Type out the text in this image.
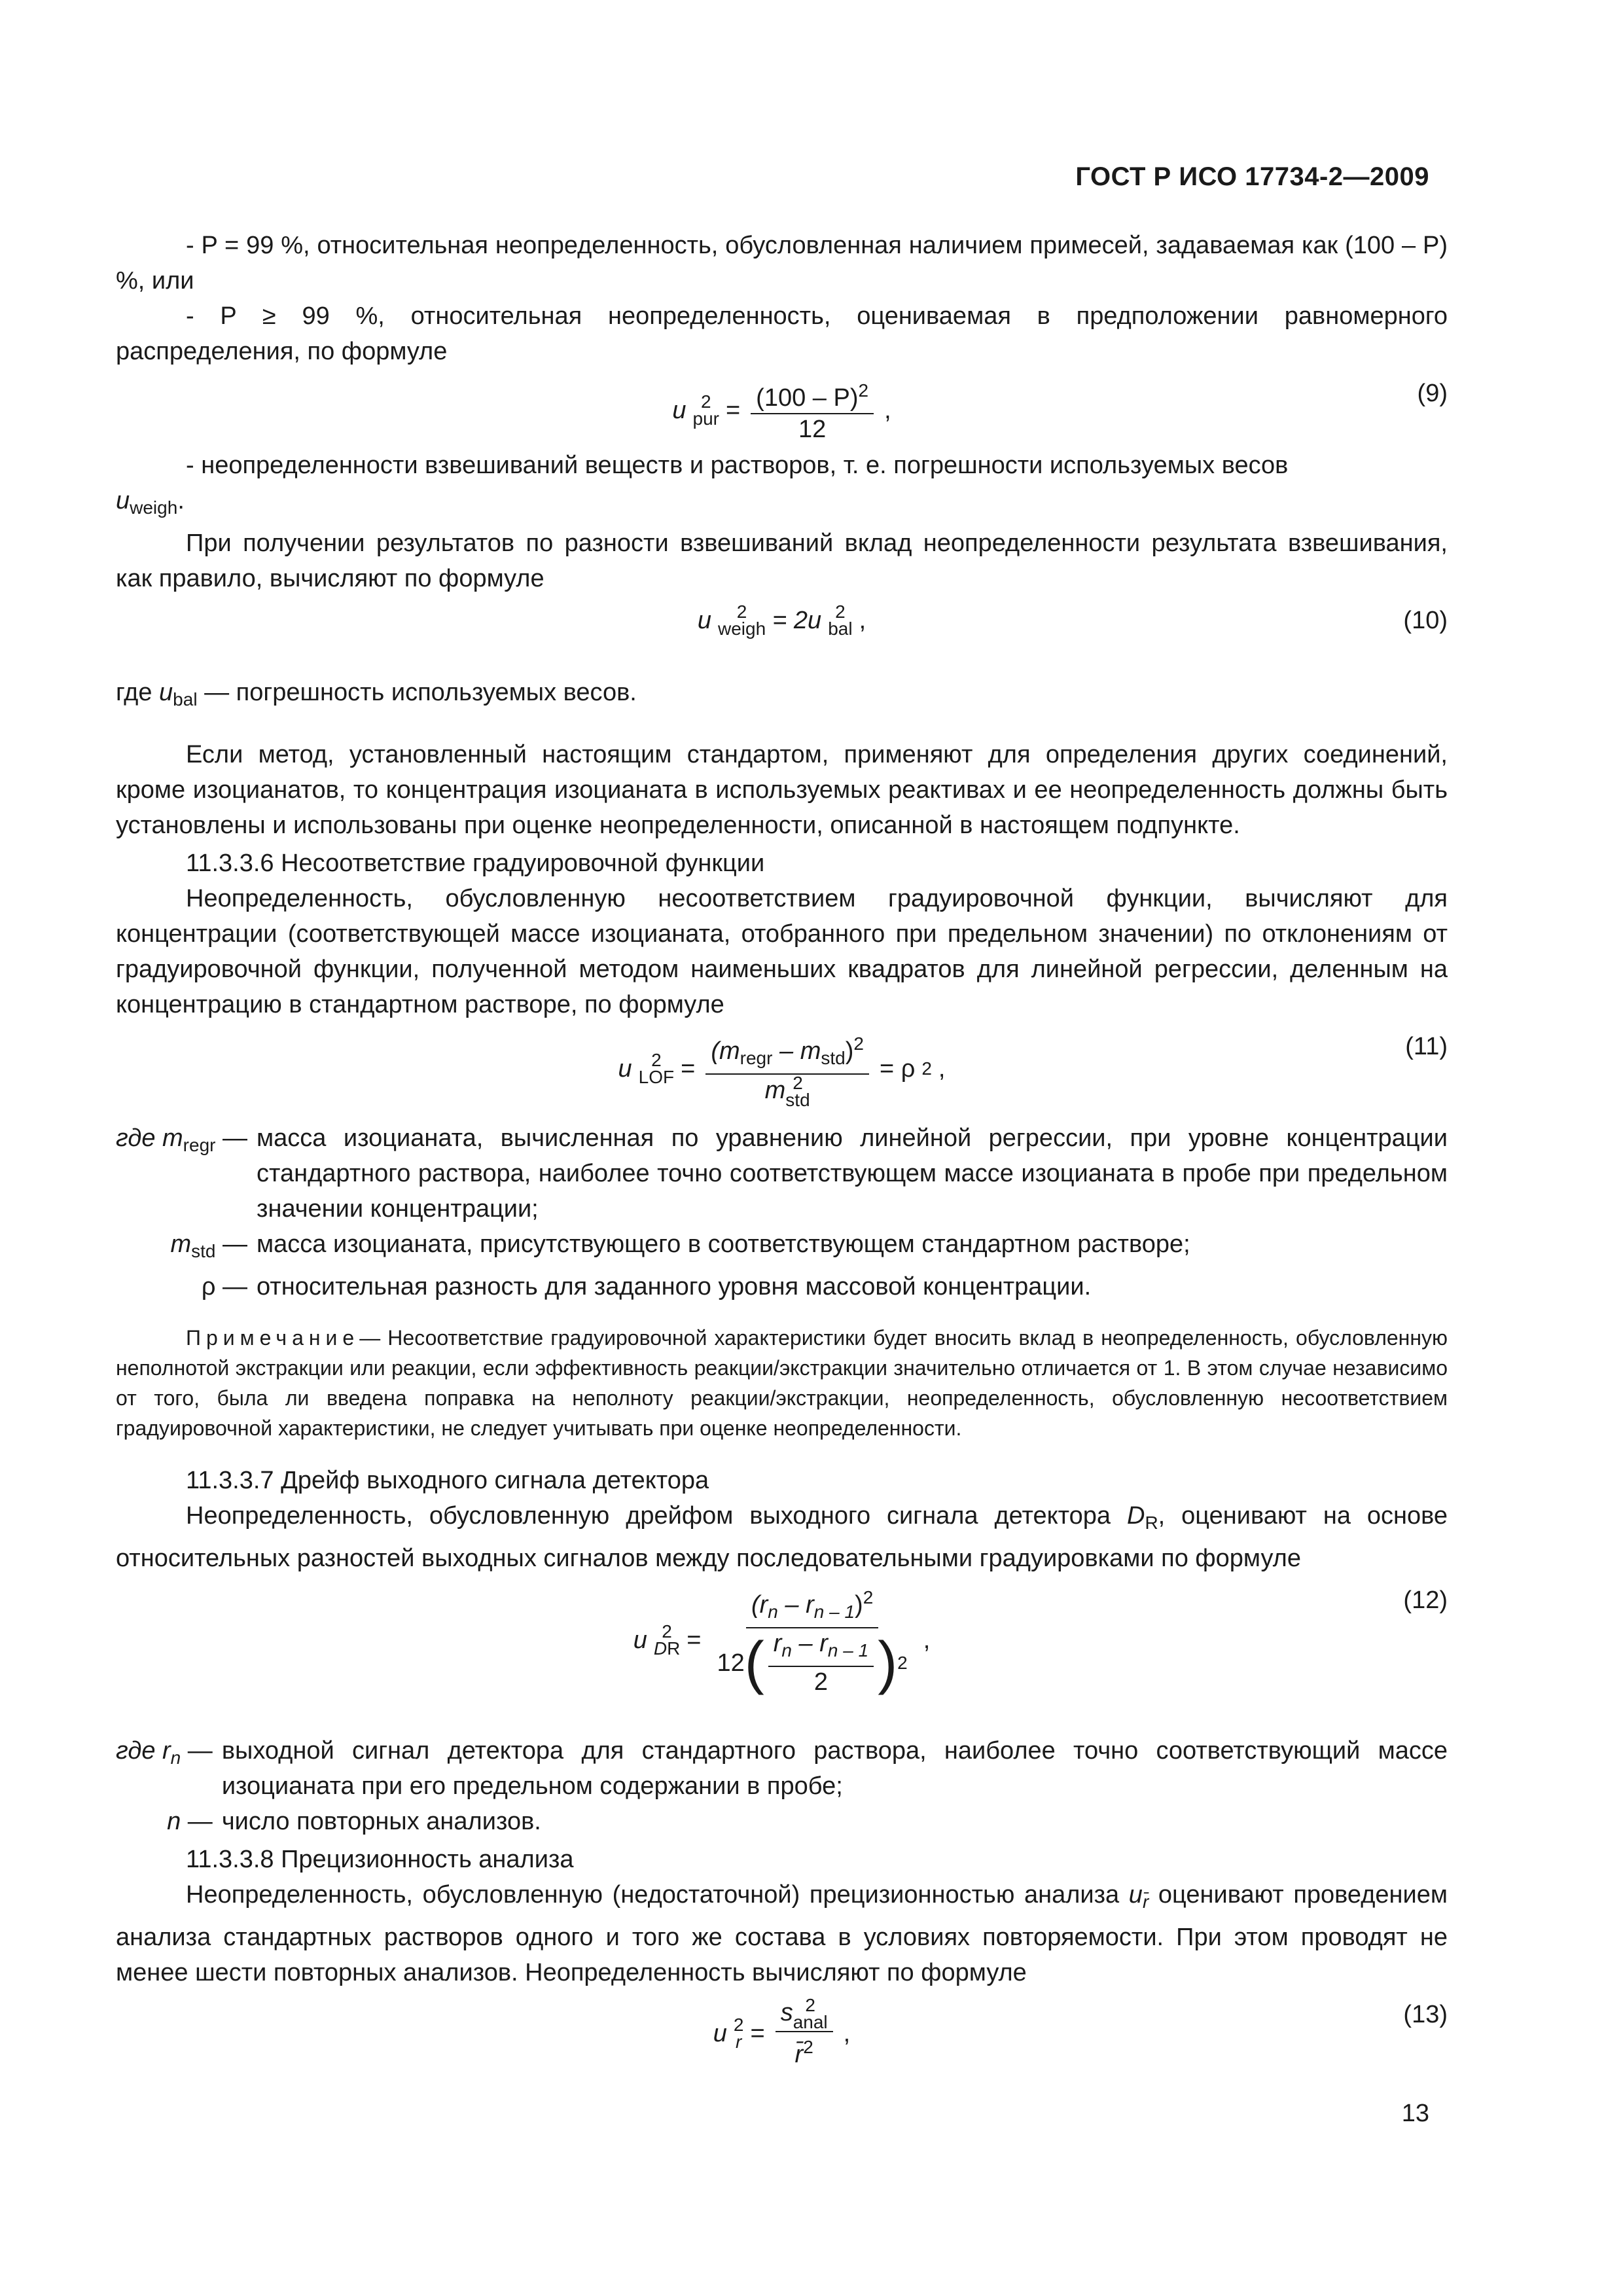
ГОСТ Р ИСО 17734-2—2009

- P = 99 %, относительная неопределенность, обусловленная наличием примесей, задаваемая как (100 – P) %, или

- P ≥ 99 %, относительная неопределенность, оцениваемая в предположении равномерного распределения, по формуле

u 2
pur = $\frac{(100 - P)^2}{12}$ ,
(9)

- неопределенности взвешиваний веществ и растворов, т. е. погрешности используемых весов

$u_{weigh}$.

При получении результатов по разности взвешиваний вклад неопределенности результата взвешивания, как правило, вычисляют по формуле

u	2
weigh = 2u 2
bal ,	(10)

где $u_{bal}$ — погрешность используемых весов.

Если метод, установленный настоящим стандартом, применяют для определения других соединений, кроме изоцианатов, то концентрация изоцианата в используемых реактивах и ее неопределенность должны быть установлены и использованы при оценке неопределенности, описанной в настоящем подпункте.

11.3.3.6 Несоответствие градуировочной функции

Неопределенность, обусловленную несоответствием градуировочной функции, вычисляют для концентрации (соответствующей массе изоцианата, отобранного при предельном значении) по отклонениям от градуировочной функции, полученной методом наименьших квадратов для линейной регрессии, деленным на концентрацию в стандартном растворе, по формуле

u	2
LOF = $(m_{regr} - m_{std})^2$
m 2
std = ρ 2 ,
(11)
где $m_{regr}$ — масса изоцианата, вычисленная по уравнению линейной регрессии, при уровне концентрации стандартного раствора, наиболее точно соответствующем массе изоцианата в пробе при предельном значении концентрации;
$m_{std}$ — масса изоцианата, присутствующего в соответствующем стандартном растворе;
ρ — относительная разность для заданного уровня массовой концентрации.
Примечание— Несоответствие градуировочной характеристики будет вносить вклад в неопределенность, обусловленную неполнотой экстракции или реакции, если эффективность реакции/экстракции значительно отличается от 1. В этом случае независимо от того, была ли введена поправка на неполноту реакции/экстракции, неопределенность, обусловленную несоответствием градуировочной характеристики, не следует учитывать при оценке неопределенности.

11.3.3.7 Дрейф выходного сигнала детектора

Неопределенность, обусловленную дрейфом выходного сигнала детектора $D_R$, оценивают на основе относительных разностей выходных сигналов между последовательными градуировками по формуле

u 2
DR =
$(r_n - r_{n - 1})^2$
12 ( $\frac{r_n - r_{n - 1}}{2}$ ) 2
,
(12)
где $r_n$ — выходной сигнал детектора для стандартного раствора, наиболее точно соответствующий массе изоцианата при его предельном содержании в пробе;
n — число повторных анализов.

11.3.3.8 Прецизионность анализа

Неопределенность, обусловленную (недостаточной) прецизионностью анализа $u_{r̄}$ оценивают проведением анализа стандартных растворов одного и того же состава в условиях повторяемости. При этом проводят не менее шести повторных анализов. Неопределенность вычисляют по формуле

u 2
r = s 2
anal
r̄$^2$ ,
(13)
13
